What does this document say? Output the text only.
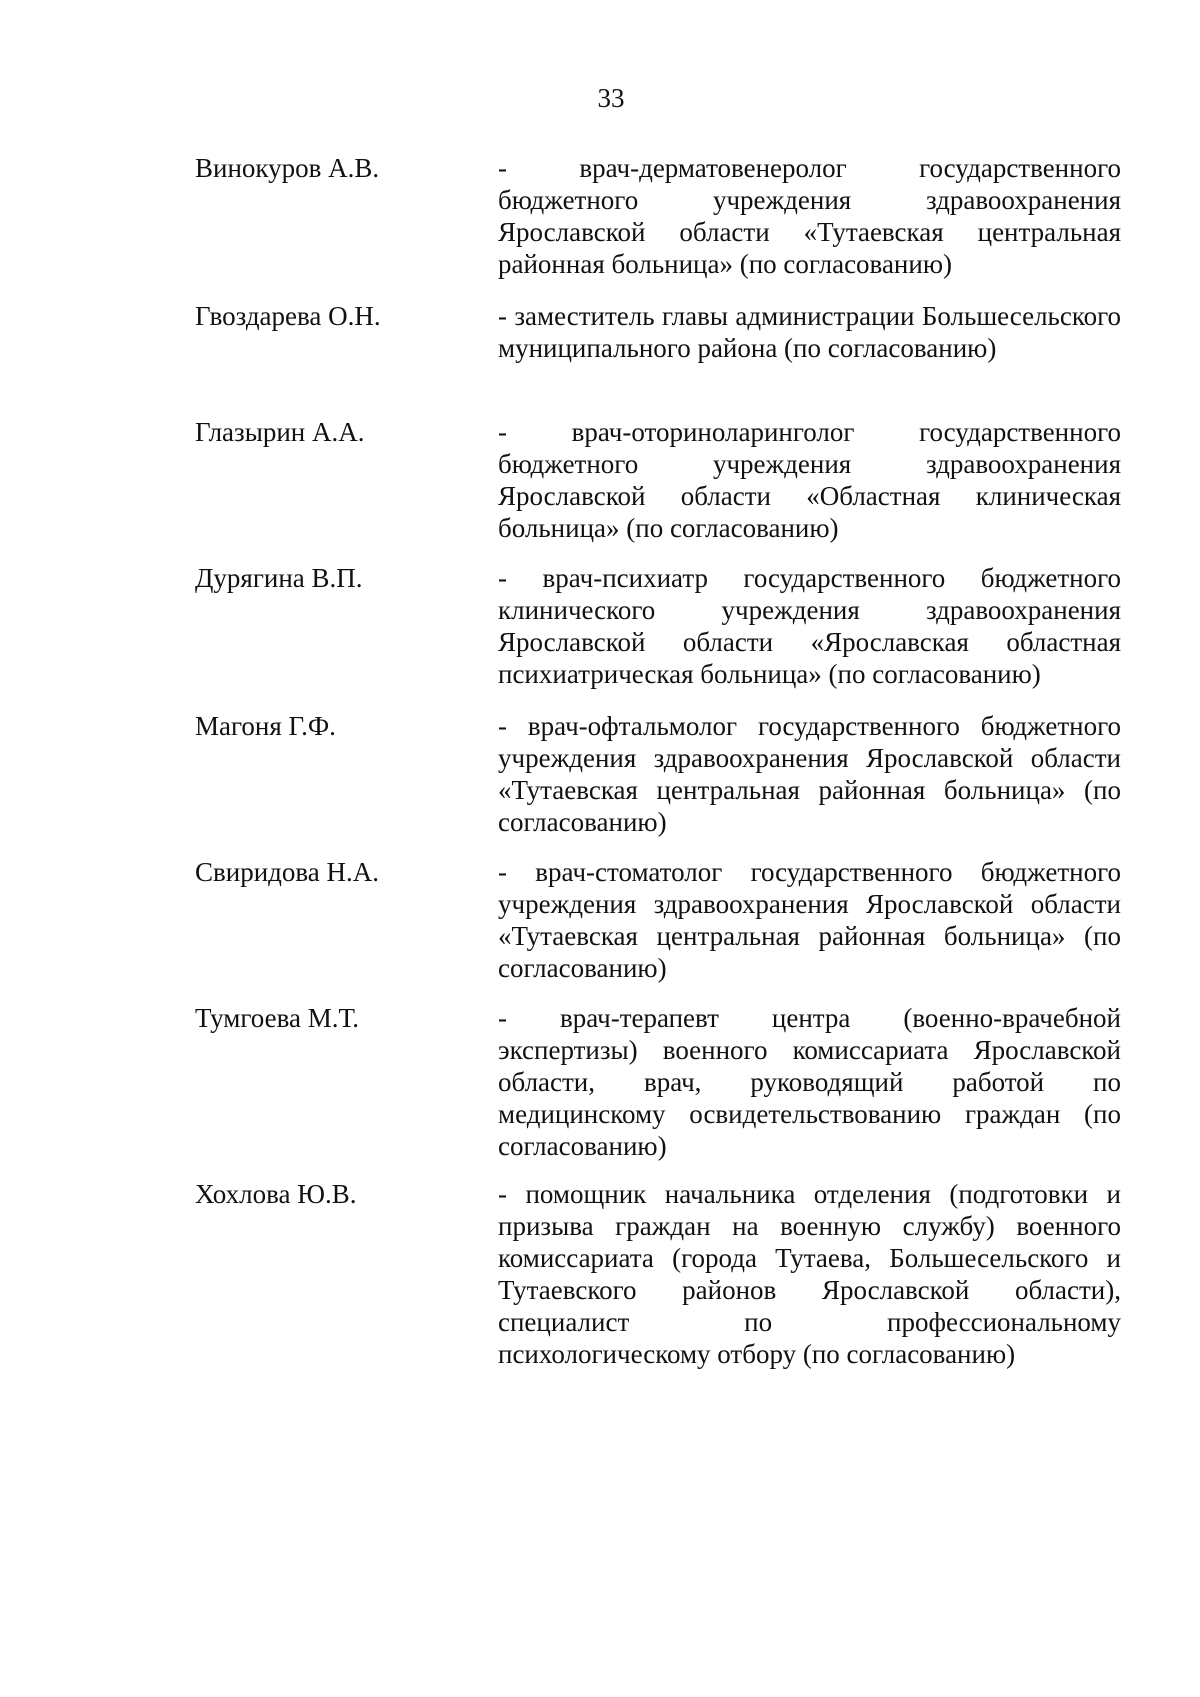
33
Винокуров А.В.	- врач-дерматовенеролог государственного бюджетного учреждения здравоохранения Ярославской области «Тутаевская центральная районная больница» (по согласованию)
Гвоздарева О.Н.	- заместитель главы администрации Большесельского муниципального района (по согласованию)
Глазырин А.А.	- врач-оториноларинголог государственного бюджетного учреждения здравоохранения Ярославской области «Областная клиническая больница» (по согласованию)
Дурягина В.П.	- врач-психиатр государственного бюджетного клинического учреждения здравоохранения Ярославской области «Ярославская областная психиатрическая больница» (по согласованию)
Магоня Г.Ф.	- врач-офтальмолог государственного бюджетного учреждения здравоохранения Ярославской области «Тутаевская центральная районная больница» (по согласованию)
Свиридова Н.А.	- врач-стоматолог государственного бюджетного учреждения здравоохранения Ярославской области «Тутаевская центральная районная больница» (по согласованию)
Тумгоева М.Т.	- врач-терапевт центра (военно-врачебной экспертизы) военного комиссариата Ярославской области, врач, руководящий работой по медицинскому освидетельствованию граждан (по согласованию)
Хохлова Ю.В.	- помощник начальника отделения (подготовки и призыва граждан на военную службу) военного комиссариата (города Тутаева, Большесельского и Тутаевского районов Ярославской области), специалист по профессиональному психологическому отбору (по согласованию)
